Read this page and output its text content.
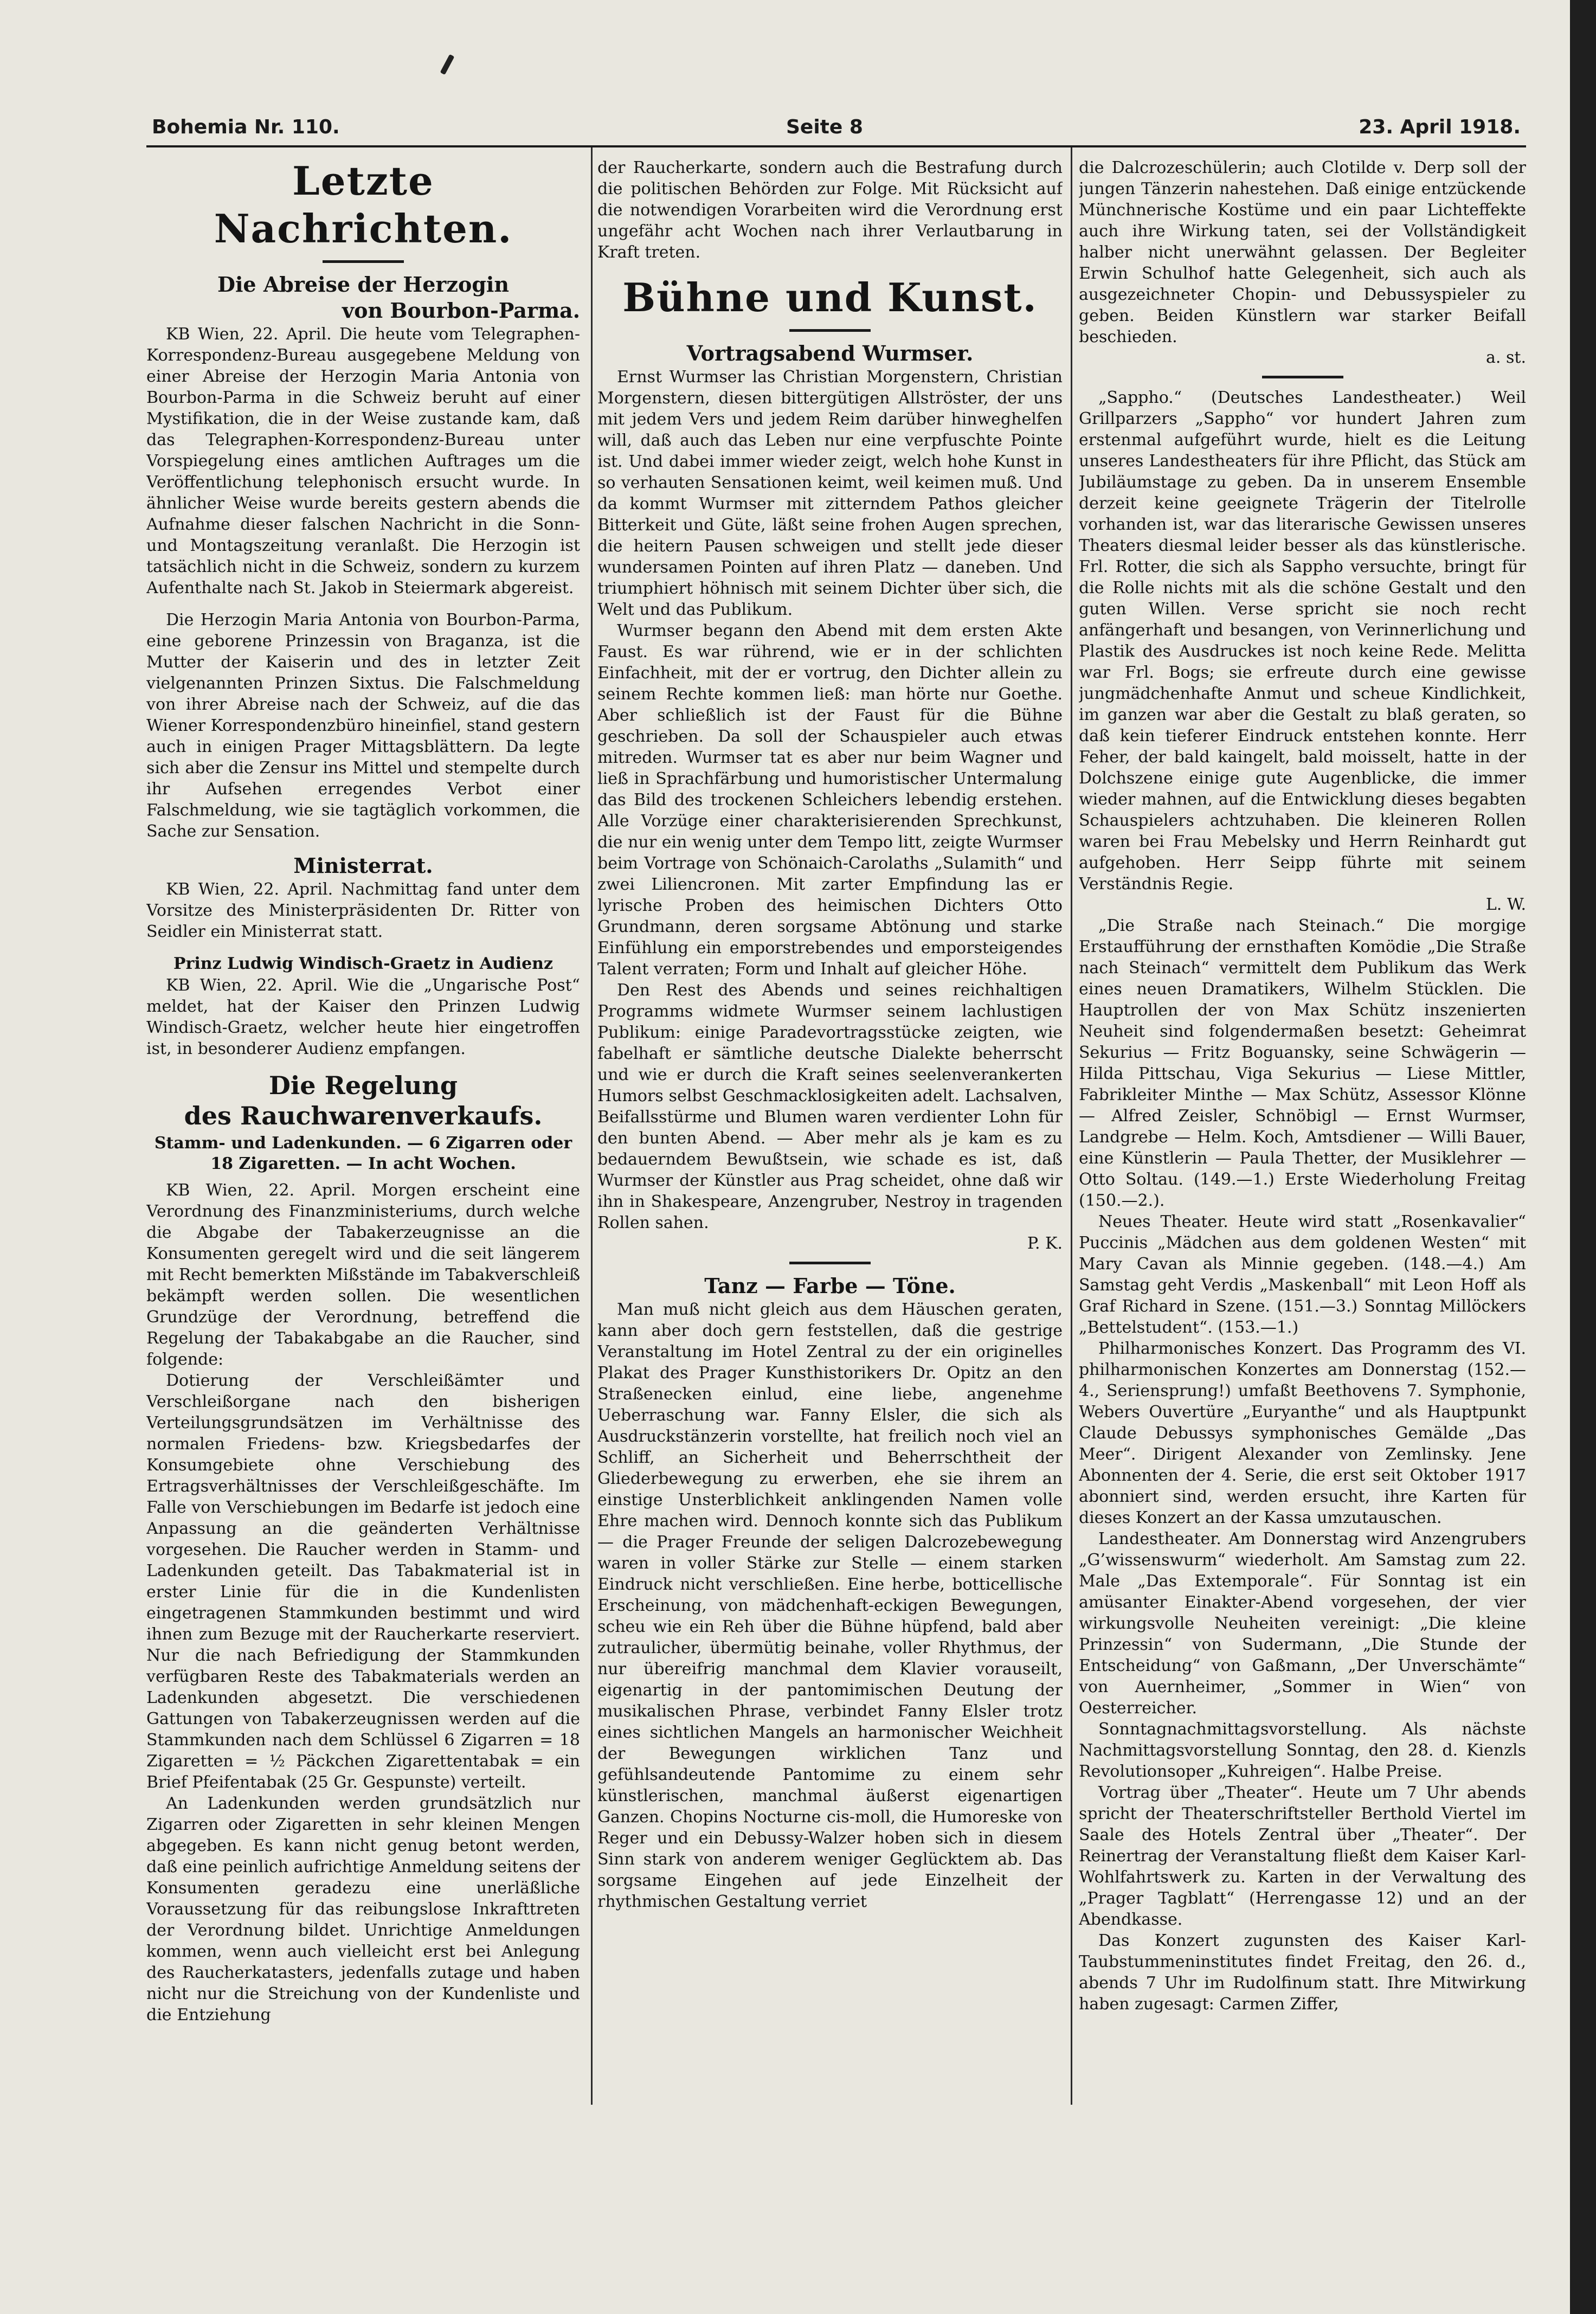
Bohemia Nr. 110.	Seite 8	23. April 1918.
Letzte Nachrichten.
Die Abreise der Herzogin
von Bourbon-Parma.

KB Wien, 22. April. Die heute vom Telegraphen-Korrespondenz-Bureau ausgegebene Meldung von einer Abreise der Herzogin Maria Antonia von Bourbon-Parma in die Schweiz beruht auf einer Mystifikation, die in der Weise zustande kam, daß das Telegraphen-Korrespondenz-Bureau unter Vorspiegelung eines amtlichen Auftrages um die Veröffentlichung telephonisch ersucht wurde. In ähnlicher Weise wurde bereits gestern abends die Aufnahme dieser falschen Nachricht in die Sonn- und Montagszeitung veranlaßt. Die Herzogin ist tatsächlich nicht in die Schweiz, sondern zu kurzem Aufenthalte nach St. Jakob in Steiermark abgereist.

Die Herzogin Maria Antonia von Bourbon-Parma, eine geborene Prinzessin von Braganza, ist die Mutter der Kaiserin und des in letzter Zeit vielgenannten Prinzen Sixtus. Die Falschmeldung von ihrer Abreise nach der Schweiz, auf die das Wiener Korrespondenzbüro hineinfiel, stand gestern auch in einigen Prager Mittagsblättern. Da legte sich aber die Zensur ins Mittel und stempelte durch ihr Aufsehen erregendes Verbot einer Falschmeldung, wie sie tagtäglich vorkommen, die Sache zur Sensation.

Ministerrat.

KB Wien, 22. April. Nachmittag fand unter dem Vorsitze des Ministerpräsidenten Dr. Ritter von Seidler ein Ministerrat statt.

Prinz Ludwig Windisch-Graetz in Audienz

KB Wien, 22. April. Wie die „Ungarische Post“ meldet, hat der Kaiser den Prinzen Ludwig Windisch-Graetz, welcher heute hier eingetroffen ist, in besonderer Audienz empfangen.

Die Regelung
des Rauchwarenverkaufs.
Stamm- und Ladenkunden. — 6 Zigarren oder 18 Zigaretten. — In acht Wochen.

KB Wien, 22. April. Morgen erscheint eine Verordnung des Finanzministeriums, durch welche die Abgabe der Tabakerzeugnisse an die Konsumenten geregelt wird und die seit längerem mit Recht bemerkten Mißstände im Tabakverschleiß bekämpft werden sollen. Die wesentlichen Grundzüge der Verordnung, betreffend die Regelung der Tabakabgabe an die Raucher, sind folgende:

Dotierung der Verschleißämter und Verschleißorgane nach den bisherigen Verteilungsgrundsätzen im Verhältnisse des normalen Friedens- bzw. Kriegsbedarfes der Konsumgebiete ohne Verschiebung des Ertragsverhältnisses der Verschleißgeschäfte. Im Falle von Verschiebungen im Bedarfe ist jedoch eine Anpassung an die geänderten Verhältnisse vorgesehen. Die Raucher werden in Stamm- und Ladenkunden geteilt. Das Tabakmaterial ist in erster Linie für die in die Kundenlisten eingetragenen Stammkunden bestimmt und wird ihnen zum Bezuge mit der Raucherkarte reserviert. Nur die nach Befriedigung der Stammkunden verfügbaren Reste des Tabakmaterials werden an Ladenkunden abgesetzt. Die verschiedenen Gattungen von Tabakerzeugnissen werden auf die Stammkunden nach dem Schlüssel 6 Zigarren = 18 Zigaretten = ½ Päckchen Zigarettentabak = ein Brief Pfeifentabak (25 Gr. Gespunste) verteilt.

An Ladenkunden werden grundsätzlich nur Zigarren oder Zigaretten in sehr kleinen Mengen abgegeben. Es kann nicht genug betont werden, daß eine peinlich aufrichtige Anmeldung seitens der Konsumenten geradezu eine unerläßliche Voraussetzung für das reibungslose Inkrafttreten der Verordnung bildet. Unrichtige Anmeldungen kommen, wenn auch vielleicht erst bei Anlegung des Raucherkatasters, jedenfalls zutage und haben nicht nur die Streichung von der Kundenliste und die Entziehung

der Raucherkarte, sondern auch die Bestrafung durch die politischen Behörden zur Folge. Mit Rücksicht auf die notwendigen Vorarbeiten wird die Verordnung erst ungefähr acht Wochen nach ihrer Verlautbarung in Kraft treten.

Bühne und Kunst.
Vortragsabend Wurmser.

Ernst Wurmser las Christian Morgenstern, Christian Morgenstern, diesen bittergütigen Allströster, der uns mit jedem Vers und jedem Reim darüber hinweghelfen will, daß auch das Leben nur eine verpfuschte Pointe ist. Und dabei immer wieder zeigt, welch hohe Kunst in so verhauten Sensationen keimt, weil keimen muß. Und da kommt Wurmser mit zitterndem Pathos gleicher Bitterkeit und Güte, läßt seine frohen Augen sprechen, die heitern Pausen schweigen und stellt jede dieser wundersamen Pointen auf ihren Platz — daneben. Und triumphiert höhnisch mit seinem Dichter über sich, die Welt und das Publikum.

Wurmser begann den Abend mit dem ersten Akte Faust. Es war rührend, wie er in der schlichten Einfachheit, mit der er vortrug, den Dichter allein zu seinem Rechte kommen ließ: man hörte nur Goethe. Aber schließlich ist der Faust für die Bühne geschrieben. Da soll der Schauspieler auch etwas mitreden. Wurmser tat es aber nur beim Wagner und ließ in Sprachfärbung und humoristischer Untermalung das Bild des trockenen Schleichers lebendig erstehen. Alle Vorzüge einer charakterisierenden Sprechkunst, die nur ein wenig unter dem Tempo litt, zeigte Wurmser beim Vortrage von Schönaich-Carolaths „Sulamith“ und zwei Liliencronen. Mit zarter Empfindung las er lyrische Proben des heimischen Dichters Otto Grundmann, deren sorgsame Abtönung und starke Einfühlung ein emporstrebendes und emporsteigendes Talent verraten; Form und Inhalt auf gleicher Höhe.

Den Rest des Abends und seines reichhaltigen Programms widmete Wurmser seinem lachlustigen Publikum: einige Paradevortragsstücke zeigten, wie fabelhaft er sämtliche deutsche Dialekte beherrscht und wie er durch die Kraft seines seelenverankerten Humors selbst Geschmacklosigkeiten adelt. Lachsalven, Beifallsstürme und Blumen waren verdienter Lohn für den bunten Abend. — Aber mehr als je kam es zu bedauerndem Bewußtsein, wie schade es ist, daß Wurmser der Künstler aus Prag scheidet, ohne daß wir ihn in Shakespeare, Anzengruber, Nestroy in tragenden Rollen sahen.

P. K.
Tanz — Farbe — Töne.

Man muß nicht gleich aus dem Häuschen geraten, kann aber doch gern feststellen, daß die gestrige Veranstaltung im Hotel Zentral zu der ein originelles Plakat des Prager Kunsthistorikers Dr. Opitz an den Straßenecken einlud, eine liebe, angenehme Ueberraschung war. Fanny Elsler, die sich als Ausdruckstänzerin vorstellte, hat freilich noch viel an Schliff, an Sicherheit und Beherrschtheit der Gliederbewegung zu erwerben, ehe sie ihrem an einstige Unsterblichkeit anklingenden Namen volle Ehre machen wird. Dennoch konnte sich das Publikum — die Prager Freunde der seligen Dalcrozebewegung waren in voller Stärke zur Stelle — einem starken Eindruck nicht verschließen. Eine herbe, botticellische Erscheinung, von mädchenhaft-eckigen Bewegungen, scheu wie ein Reh über die Bühne hüpfend, bald aber zutraulicher, übermütig beinahe, voller Rhythmus, der nur übereifrig manchmal dem Klavier vorauseilt, eigenartig in der pantomimischen Deutung der musikalischen Phrase, verbindet Fanny Elsler trotz eines sichtlichen Mangels an harmonischer Weichheit der Bewegungen wirklichen Tanz und gefühlsandeutende Pantomime zu einem sehr künstlerischen, manchmal äußerst eigenartigen Ganzen. Chopins Nocturne cis-moll, die Humoreske von Reger und ein Debussy-Walzer hoben sich in diesem Sinn stark von anderem weniger Geglücktem ab. Das sorgsame Eingehen auf jede Einzelheit der rhythmischen Gestaltung verriet

die Dalcrozeschülerin; auch Clotilde v. Derp soll der jungen Tänzerin nahestehen. Daß einige entzückende Münchnerische Kostüme und ein paar Lichteffekte auch ihre Wirkung taten, sei der Vollständigkeit halber nicht unerwähnt gelassen. Der Begleiter Erwin Schulhof hatte Gelegenheit, sich auch als ausgezeichneter Chopin- und Debussyspieler zu geben. Beiden Künstlern war starker Beifall beschieden.

a. st.

„Sappho.“ (Deutsches Landestheater.) Weil Grillparzers „Sappho“ vor hundert Jahren zum erstenmal aufgeführt wurde, hielt es die Leitung unseres Landestheaters für ihre Pflicht, das Stück am Jubiläumstage zu geben. Da in unserem Ensemble derzeit keine geeignete Trägerin der Titelrolle vorhanden ist, war das literarische Gewissen unseres Theaters diesmal leider besser als das künstlerische. Frl. Rotter, die sich als Sappho versuchte, bringt für die Rolle nichts mit als die schöne Gestalt und den guten Willen. Verse spricht sie noch recht anfängerhaft und besangen, von Verinnerlichung und Plastik des Ausdruckes ist noch keine Rede. Melitta war Frl. Bogs; sie erfreute durch eine gewisse jungmädchenhafte Anmut und scheue Kindlichkeit, im ganzen war aber die Gestalt zu blaß geraten, so daß kein tieferer Eindruck entstehen konnte. Herr Feher, der bald kaingelt, bald moisselt, hatte in der Dolchszene einige gute Augenblicke, die immer wieder mahnen, auf die Entwicklung dieses begabten Schauspielers achtzuhaben. Die kleineren Rollen waren bei Frau Mebelsky und Herrn Reinhardt gut aufgehoben. Herr Seipp führte mit seinem Verständnis Regie.

L. W.

„Die Straße nach Steinach.“ Die morgige Erstaufführung der ernsthaften Komödie „Die Straße nach Steinach“ vermittelt dem Publikum das Werk eines neuen Dramatikers, Wilhelm Stücklen. Die Hauptrollen der von Max Schütz inszenierten Neuheit sind folgendermaßen besetzt: Geheimrat Sekurius — Fritz Boguansky, seine Schwägerin — Hilda Pittschau, Viga Sekurius — Liese Mittler, Fabrikleiter Minthe — Max Schütz, Assessor Klönne — Alfred Zeisler, Schnöbigl — Ernst Wurmser, Landgrebe — Helm. Koch, Amtsdiener — Willi Bauer, eine Künstlerin — Paula Thetter, der Musiklehrer — Otto Soltau. (149.—1.) Erste Wiederholung Freitag (150.—2.).

Neues Theater. Heute wird statt „Rosenkavalier“ Puccinis „Mädchen aus dem goldenen Westen“ mit Mary Cavan als Minnie gegeben. (148.—4.) Am Samstag geht Verdis „Maskenball“ mit Leon Hoff als Graf Richard in Szene. (151.—3.) Sonntag Millöckers „Bettelstudent“. (153.—1.)

Philharmonisches Konzert. Das Programm des VI. philharmonischen Konzertes am Donnerstag (152.—4., Seriensprung!) umfaßt Beethovens 7. Symphonie, Webers Ouvertüre „Euryanthe“ und als Hauptpunkt Claude Debussys symphonisches Gemälde „Das Meer“. Dirigent Alexander von Zemlinsky. Jene Abonnenten der 4. Serie, die erst seit Oktober 1917 abonniert sind, werden ersucht, ihre Karten für dieses Konzert an der Kassa umzutauschen.

Landestheater. Am Donnerstag wird Anzengrubers „G’wissenswurm“ wiederholt. Am Samstag zum 22. Male „Das Extemporale“. Für Sonntag ist ein amüsanter Einakter-Abend vorgesehen, der vier wirkungsvolle Neuheiten vereinigt: „Die kleine Prinzessin“ von Sudermann, „Die Stunde der Entscheidung“ von Gaßmann, „Der Unverschämte“ von Auernheimer, „Sommer in Wien“ von Oesterreicher.

Sonntagnachmittagsvorstellung. Als nächste Nachmittagsvorstellung Sonntag, den 28. d. Kienzls Revolutionsoper „Kuhreigen“. Halbe Preise.

Vortrag über „Theater“. Heute um 7 Uhr abends spricht der Theaterschriftsteller Berthold Viertel im Saale des Hotels Zentral über „Theater“. Der Reinertrag der Veranstaltung fließt dem Kaiser Karl-Wohlfahrtswerk zu. Karten in der Verwaltung des „Prager Tagblatt“ (Herrengasse 12) und an der Abendkasse.

Das Konzert zugunsten des Kaiser Karl-Taubstummeninstitutes findet Freitag, den 26. d., abends 7 Uhr im Rudolfinum statt. Ihre Mitwirkung haben zugesagt: Carmen Ziffer,
